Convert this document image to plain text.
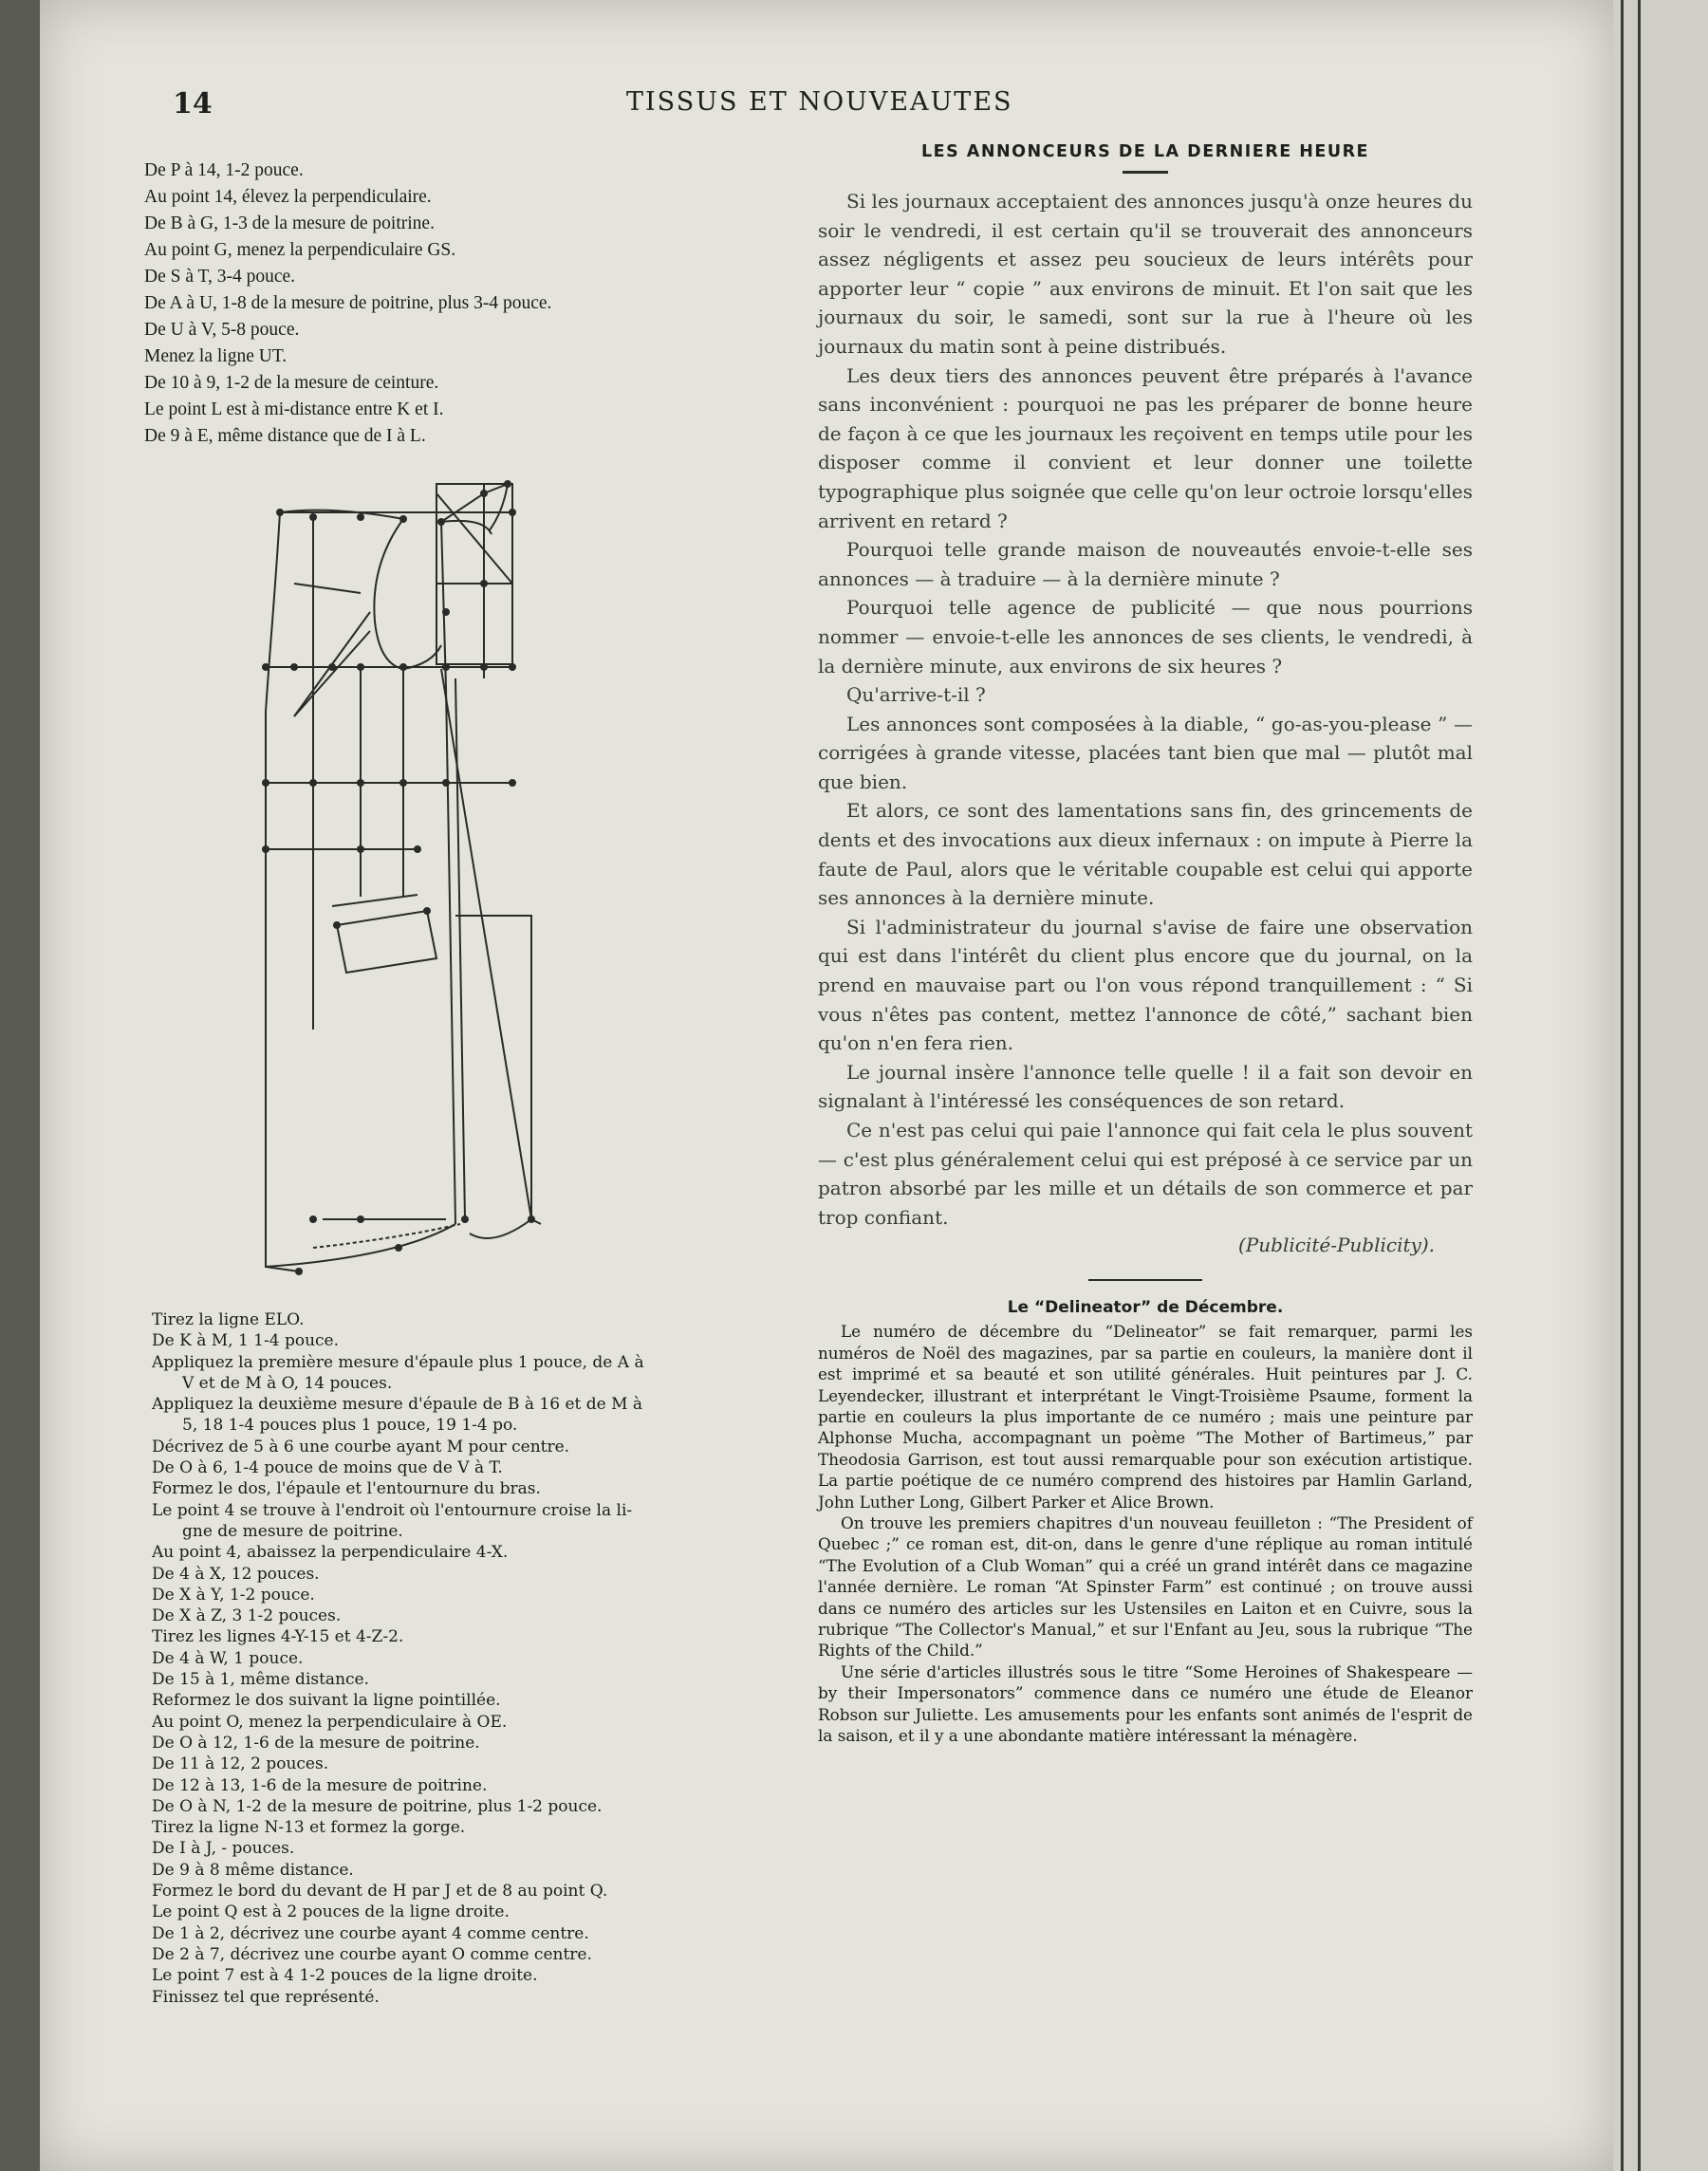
14	TISSUS ET NOUVEAUTES
De P à 14, 1-2 pouce.
Au point 14, élevez la perpendiculaire.
De B à G, 1-3 de la mesure de poitrine.
Au point G, menez la perpendiculaire GS.
De S à T, 3-4 pouce.
De A à U, 1-8 de la mesure de poitrine, plus 3-4 pouce.
De U à V, 5-8 pouce.
Menez la ligne UT.
De 10 à 9, 1-2 de la mesure de ceinture.
Le point L est à mi-distance entre K et I.
De 9 à E, même distance que de I à L.
Tirez la ligne ELO.
De K à M, 1 1-4 pouce.
Appliquez la première mesure d'épaule plus 1 pouce, de A à
V et de M à O, 14 pouces.
Appliquez la deuxième mesure d'épaule de B à 16 et de M à
5, 18 1-4 pouces plus 1 pouce, 19 1-4 po.
Décrivez de 5 à 6 une courbe ayant M pour centre.
De O à 6, 1-4 pouce de moins que de V à T.
Formez le dos, l'épaule et l'entournure du bras.
Le point 4 se trouve à l'endroit où l'entournure croise la li-
gne de mesure de poitrine.
Au point 4, abaissez la perpendiculaire 4-X.
De 4 à X, 12 pouces.
De X à Y, 1-2 pouce.
De X à Z, 3 1-2 pouces.
Tirez les lignes 4-Y-15 et 4-Z-2.
De 4 à W, 1 pouce.
De 15 à 1, même distance.
Reformez le dos suivant la ligne pointillée.
Au point O, menez la perpendiculaire à OE.
De O à 12, 1-6 de la mesure de poitrine.
De 11 à 12, 2 pouces.
De 12 à 13, 1-6 de la mesure de poitrine.
De O à N, 1-2 de la mesure de poitrine, plus 1-2 pouce.
Tirez la ligne N-13 et formez la gorge.
De I à J, - pouces.
De 9 à 8 même distance.
Formez le bord du devant de H par J et de 8 au point Q.
Le point Q est à 2 pouces de la ligne droite.
De 1 à 2, décrivez une courbe ayant 4 comme centre.
De 2 à 7, décrivez une courbe ayant O comme centre.
Le point 7 est à 4 1-2 pouces de la ligne droite.
Finissez tel que représenté.
LES ANNONCEURS DE LA DERNIERE HEURE

Si les journaux acceptaient des annonces jusqu'à onze heures du soir le vendredi, il est certain qu'il se trouverait des annonceurs assez négligents et assez peu soucieux de leurs intérêts pour apporter leur “ copie ” aux environs de minuit. Et l'on sait que les journaux du soir, le samedi, sont sur la rue à l'heure où les journaux du matin sont à peine distribués.

Les deux tiers des annonces peuvent être préparés à l'avance sans inconvénient : pourquoi ne pas les préparer de bonne heure de façon à ce que les journaux les reçoivent en temps utile pour les disposer comme il convient et leur donner une toilette typographique plus soignée que celle qu'on leur octroie lorsqu'elles arrivent en retard ?

Pourquoi telle grande maison de nouveautés envoie-t-elle ses annonces — à traduire — à la dernière minute ?

Pourquoi telle agence de publicité — que nous pourrions nommer — envoie-t-elle les annonces de ses clients, le vendredi, à la dernière minute, aux environs de six heures ?

Qu'arrive-t-il ?

Les annonces sont composées à la diable, “ go-as-you-please ” — corrigées à grande vitesse, placées tant bien que mal — plutôt mal que bien.

Et alors, ce sont des lamentations sans fin, des grincements de dents et des invocations aux dieux infernaux : on impute à Pierre la faute de Paul, alors que le véritable coupable est celui qui apporte ses annonces à la dernière minute.

Si l'administrateur du journal s'avise de faire une observation qui est dans l'intérêt du client plus encore que du journal, on la prend en mauvaise part ou l'on vous répond tranquillement : “ Si vous n'êtes pas content, mettez l'annonce de côté,” sachant bien qu'on n'en fera rien.

Le journal insère l'annonce telle quelle ! il a fait son devoir en signalant à l'intéressé les conséquences de son retard.

Ce n'est pas celui qui paie l'annonce qui fait cela le plus souvent — c'est plus généralement celui qui est préposé à ce service par un patron absorbé par les mille et un détails de son commerce et par trop confiant.

(Publicité-Publicity).
Le “Delineator” de Décembre.

Le numéro de décembre du “Delineator” se fait remarquer, parmi les numéros de Noël des magazines, par sa partie en couleurs, la manière dont il est imprimé et sa beauté et son utilité générales. Huit peintures par J. C. Leyendecker, illustrant et interprétant le Vingt-Troisième Psaume, forment la partie en couleurs la plus importante de ce numéro ; mais une peinture par Alphonse Mucha, accompagnant un poème “The Mother of Bartimeus,” par Theodosia Garrison, est tout aussi remarquable pour son exécution artistique. La partie poétique de ce numéro comprend des histoires par Hamlin Garland, John Luther Long, Gilbert Parker et Alice Brown.

On trouve les premiers chapitres d'un nouveau feuilleton : “The President of Quebec ;” ce roman est, dit-on, dans le genre d'une réplique au roman intitulé “The Evolution of a Club Woman” qui a créé un grand intérêt dans ce magazine l'année dernière. Le roman “At Spinster Farm” est continué ; on trouve aussi dans ce numéro des articles sur les Ustensiles en Laiton et en Cuivre, sous la rubrique “The Collector's Manual,” et sur l'Enfant au Jeu, sous la rubrique “The Rights of the Child.”

Une série d'articles illustrés sous le titre “Some Heroines of Shakespeare — by their Impersonators” commence dans ce numéro une étude de Eleanor Robson sur Juliette. Les amusements pour les enfants sont animés de l'esprit de la saison, et il y a une abondante matière intéressant la ménagère.
